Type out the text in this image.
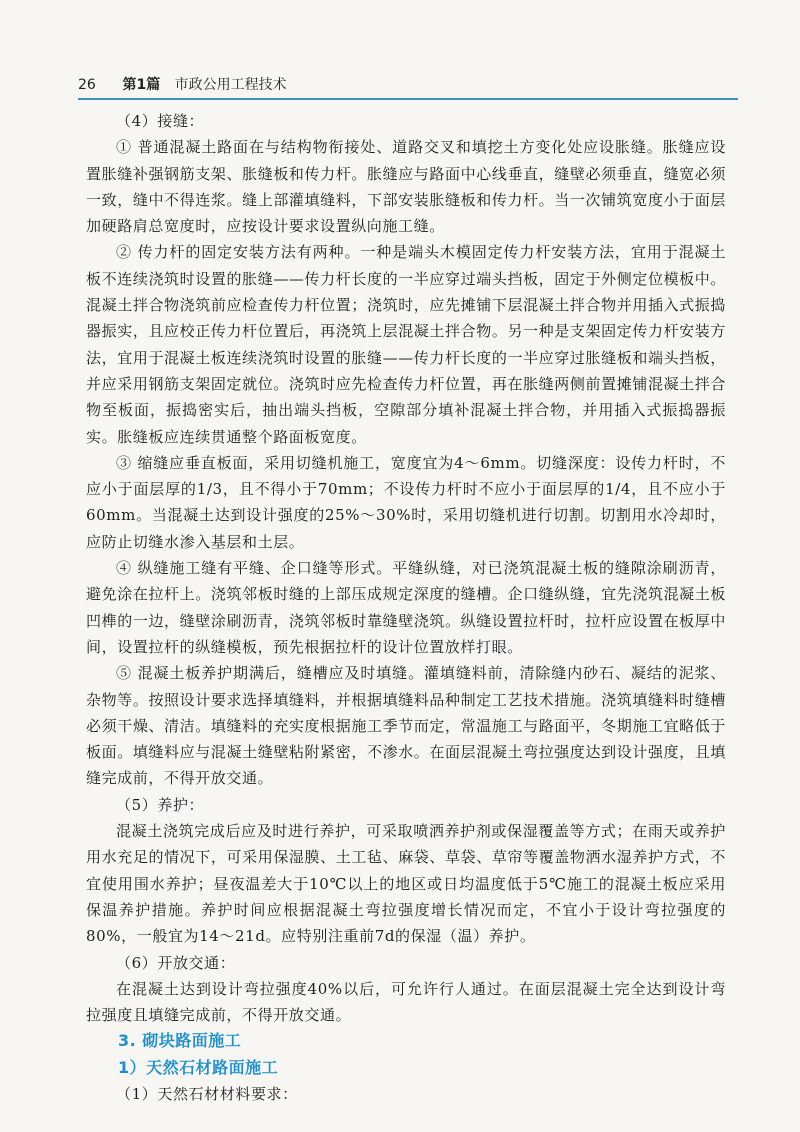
26 第1篇 市政公用工程技术

（4）接缝：

① 普通混凝土路面在与结构物衔接处、道路交叉和填挖土方变化处应设胀缝。胀缝应设置胀缝补强钢筋支架、胀缝板和传力杆。胀缝应与路面中心线垂直，缝壁必须垂直，缝宽必须一致，缝中不得连浆。缝上部灌填缝料，下部安装胀缝板和传力杆。当一次铺筑宽度小于面层加硬路肩总宽度时，应按设计要求设置纵向施工缝。

② 传力杆的固定安装方法有两种。一种是端头木模固定传力杆安装方法，宜用于混凝土板不连续浇筑时设置的胀缝——传力杆长度的一半应穿过端头挡板，固定于外侧定位模板中。混凝土拌合物浇筑前应检查传力杆位置；浇筑时，应先摊铺下层混凝土拌合物并用插入式振捣器振实，且应校正传力杆位置后，再浇筑上层混凝土拌合物。另一种是支架固定传力杆安装方法，宜用于混凝土板连续浇筑时设置的胀缝——传力杆长度的一半应穿过胀缝板和端头挡板，并应采用钢筋支架固定就位。浇筑时应先检查传力杆位置，再在胀缝两侧前置摊铺混凝土拌合物至板面，振捣密实后，抽出端头挡板，空隙部分填补混凝土拌合物，并用插入式振捣器振实。胀缝板应连续贯通整个路面板宽度。

③ 缩缝应垂直板面，采用切缝机施工，宽度宜为4～6mm。切缝深度：设传力杆时，不应小于面层厚的1/3，且不得小于70mm；不设传力杆时不应小于面层厚的1/4，且不应小于60mm。当混凝土达到设计强度的25%～30%时，采用切缝机进行切割。切割用水冷却时，应防止切缝水渗入基层和土层。

④ 纵缝施工缝有平缝、企口缝等形式。平缝纵缝，对已浇筑混凝土板的缝隙涂刷沥青，避免涂在拉杆上。浇筑邻板时缝的上部压成规定深度的缝槽。企口缝纵缝，宜先浇筑混凝土板凹榫的一边，缝壁涂刷沥青，浇筑邻板时靠缝壁浇筑。纵缝设置拉杆时，拉杆应设置在板厚中间，设置拉杆的纵缝模板，预先根据拉杆的设计位置放样打眼。

⑤ 混凝土板养护期满后，缝槽应及时填缝。灌填缝料前，清除缝内砂石、凝结的泥浆、杂物等。按照设计要求选择填缝料，并根据填缝料品种制定工艺技术措施。浇筑填缝料时缝槽必须干燥、清洁。填缝料的充实度根据施工季节而定，常温施工与路面平，冬期施工宜略低于板面。填缝料应与混凝土缝壁粘附紧密，不渗水。在面层混凝土弯拉强度达到设计强度，且填缝完成前，不得开放交通。

（5）养护：

混凝土浇筑完成后应及时进行养护，可采取喷洒养护剂或保湿覆盖等方式；在雨天或养护用水充足的情况下，可采用保湿膜、土工毡、麻袋、草袋、草帘等覆盖物洒水湿养护方式，不宜使用围水养护；昼夜温差大于10℃以上的地区或日均温度低于5℃施工的混凝土板应采用保温养护措施。养护时间应根据混凝土弯拉强度增长情况而定，不宜小于设计弯拉强度的80%，一般宜为14～21d。应特别注重前7d的保湿（温）养护。

（6）开放交通：

在混凝土达到设计弯拉强度40%以后，可允许行人通过。在面层混凝土完全达到设计弯拉强度且填缝完成前，不得开放交通。

3. 砌块路面施工
1）天然石材路面施工

（1）天然石材材料要求：
